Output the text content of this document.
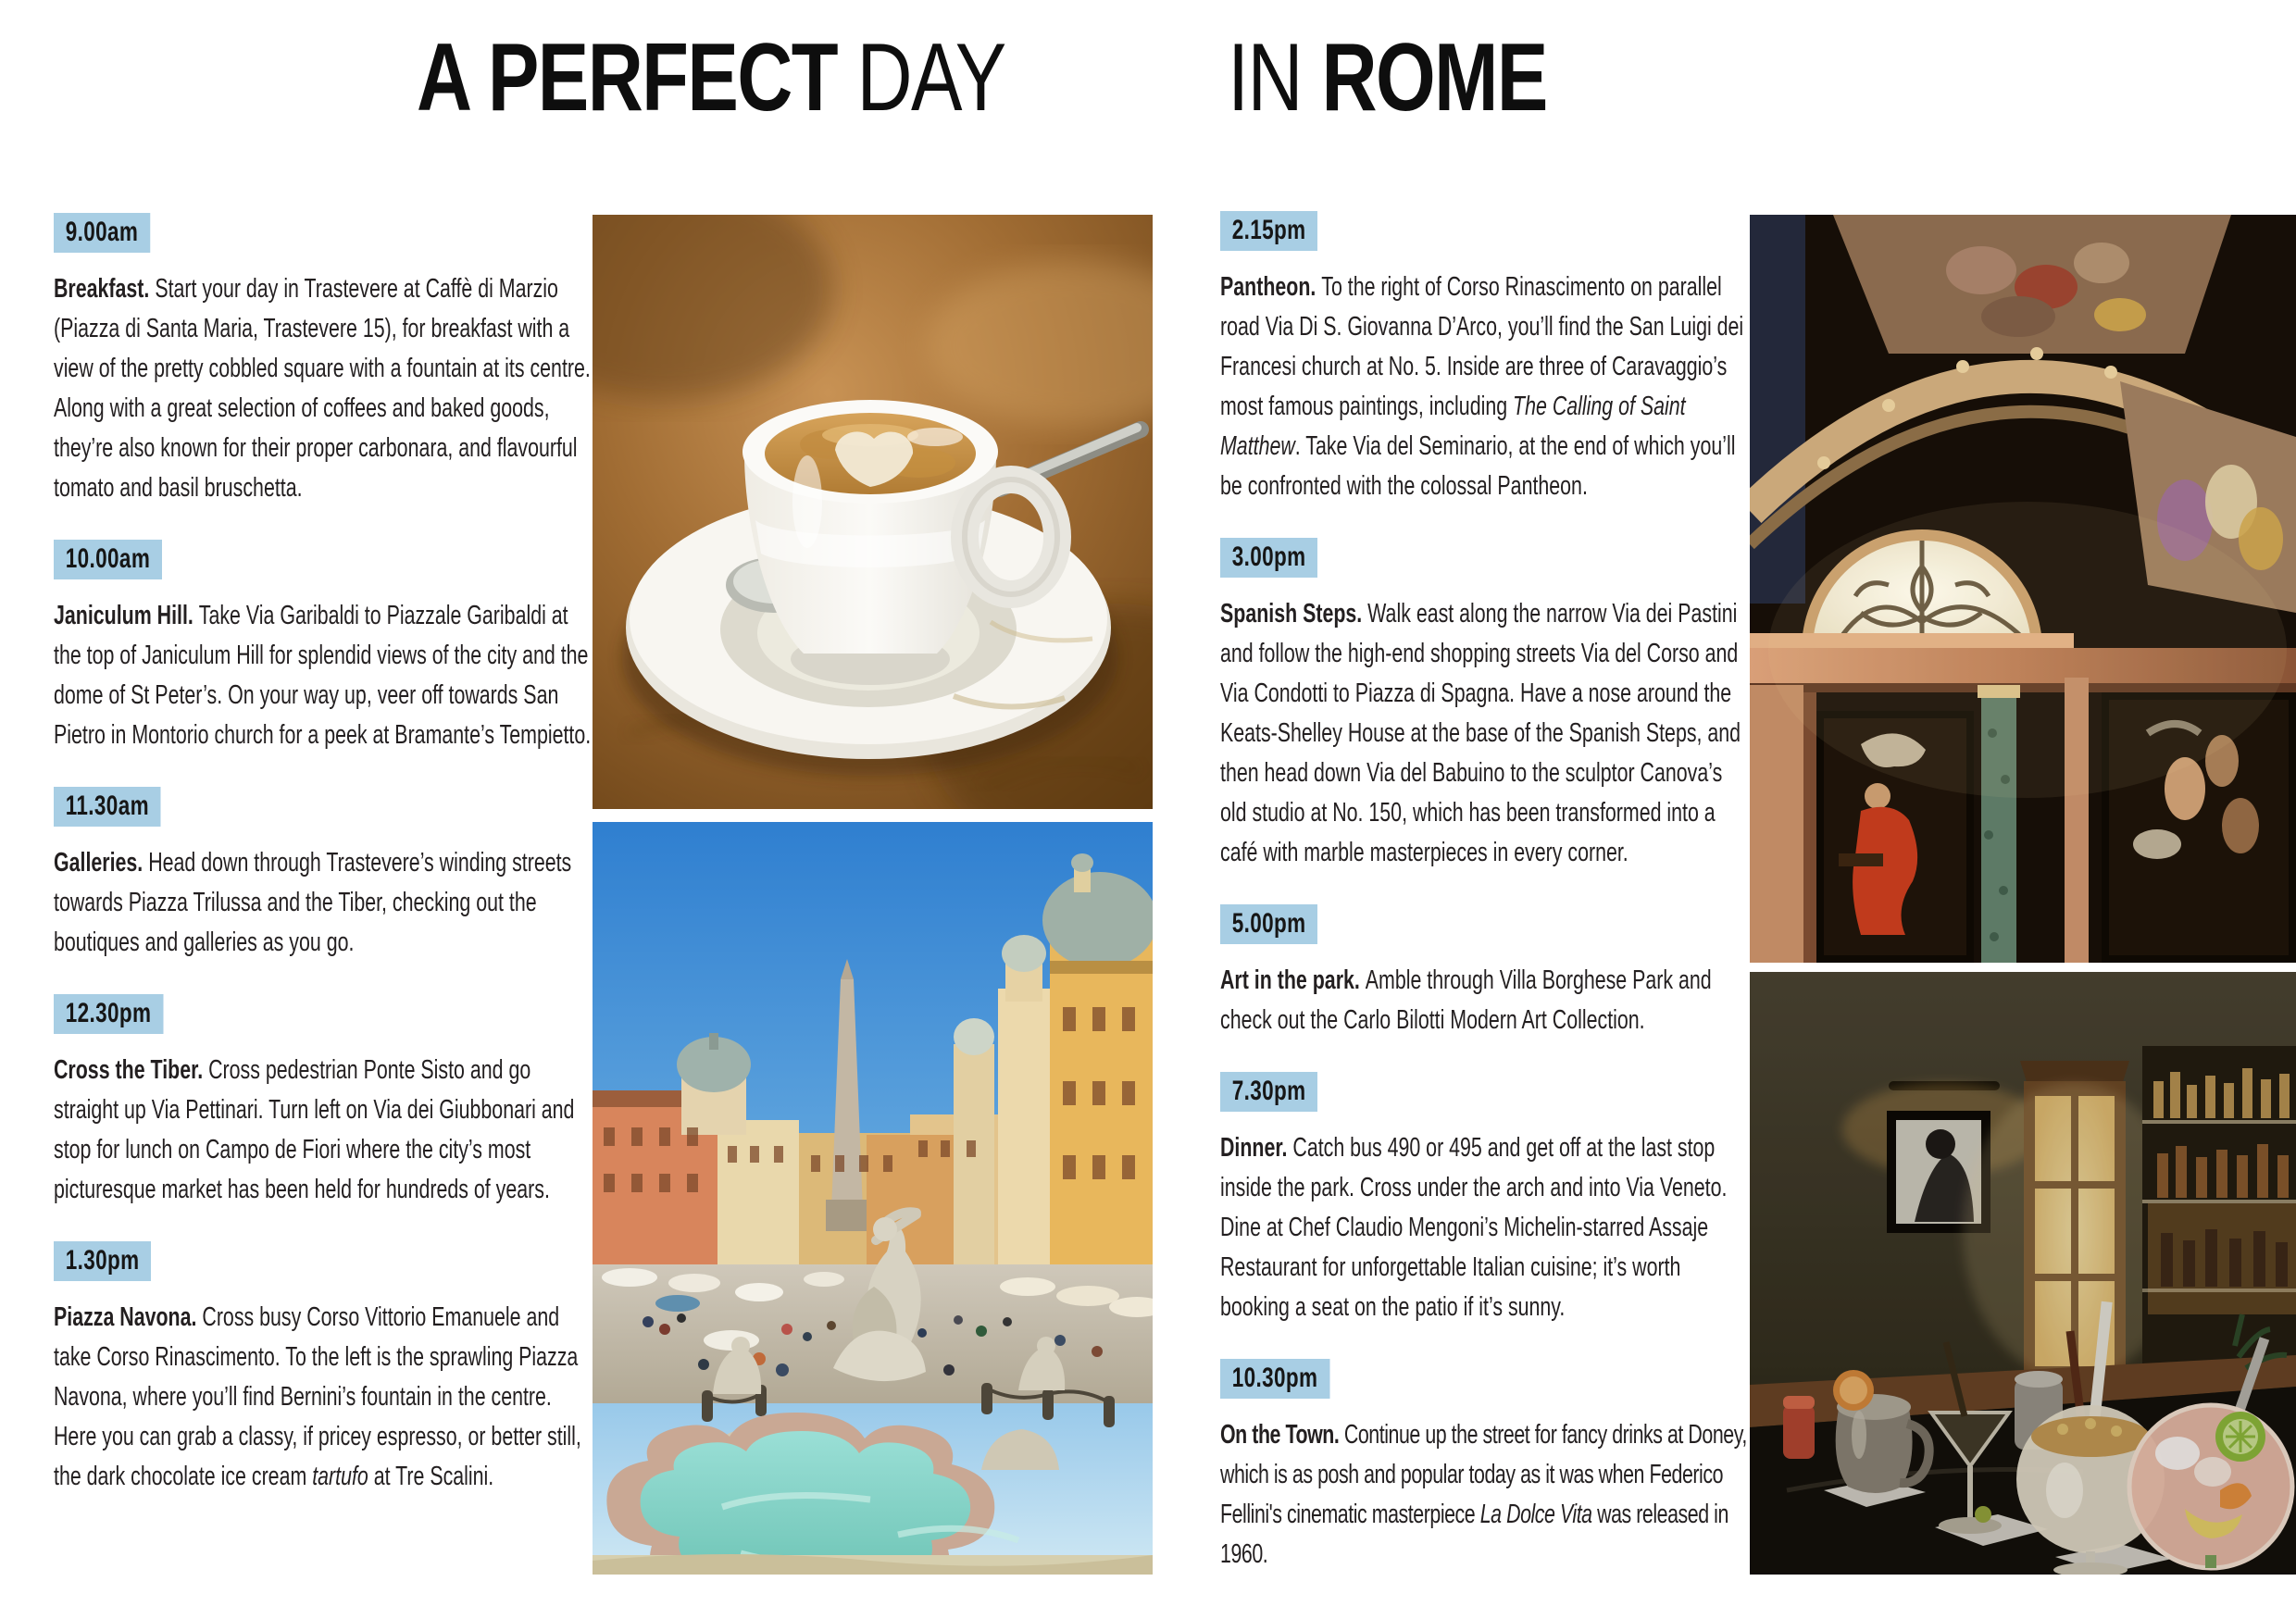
A PERFECT DAY IN ROME
9.00am

Breakfast. Start your day in Trastevere at Caffè di Marzio (Piazza di Santa Maria, Trastevere 15), for breakfast with a view of the pretty cobbled square with a fountain at its centre. Along with a great selection of coffees and baked goods, they’re also known for their proper carbonara, and flavourful tomato and basil bruschetta.

10.00am

Janiculum Hill. Take Via Garibaldi to Piazzale Garibaldi at the top of Janiculum Hill for splendid views of the city and the dome of St Peter’s. On your way up, veer off towards San Pietro in Montorio church for a peek at Bramante’s Tempietto.

11.30am

Galleries. Head down through Trastevere’s winding streets towards Piazza Trilussa and the Tiber, checking out the boutiques and galleries as you go.

12.30pm

Cross the Tiber. Cross pedestrian Ponte Sisto and go straight up Via Pettinari. Turn left on Via dei Giubbonari and stop for lunch on Campo de Fiori where the city’s most picturesque market has been held for hundreds of years.

1.30pm

Piazza Navona. Cross busy Corso Vittorio Emanuele and take Corso Rinascimento. To the left is the sprawling Piazza Navona, where you’ll find Bernini’s fountain in the centre. Here you can grab a classy, if pricey espresso, or better still, the dark chocolate ice cream tartufo at Tre Scalini.

2.15pm

Pantheon. To the right of Corso Rinascimento on parallel road Via Di S. Giovanna D’Arco, you’ll find the San Luigi dei Francesi church at No. 5. Inside are three of Caravaggio’s most famous paintings, including The Calling of Saint Matthew. Take Via del Seminario, at the end of which you’ll be confronted with the colossal Pantheon.

3.00pm

Spanish Steps. Walk east along the narrow Via dei Pastini and follow the high-end shopping streets Via del Corso and Via Condotti to Piazza di Spagna. Have a nose around the Keats-Shelley House at the base of the Spanish Steps, and then head down Via del Babuino to the sculptor Canova’s old studio at No. 150, which has been transformed into a café with marble masterpieces in every corner.

5.00pm

Art in the park. Amble through Villa Borghese Park and check out the Carlo Bilotti Modern Art Collection.

7.30pm

Dinner. Catch bus 490 or 495 and get off at the last stop inside the park. Cross under the arch and into Via Veneto. Dine at Chef Claudio Mengoni’s Michelin-starred Assaje Restaurant for unforgettable Italian cuisine; it’s worth booking a seat on the patio if it’s sunny.

10.30pm

On the Town. Continue up the street for fancy drinks at Doney, which is as posh and popular today as it was when Federico Fellini's cinematic masterpiece La Dolce Vita was released in 1960.
